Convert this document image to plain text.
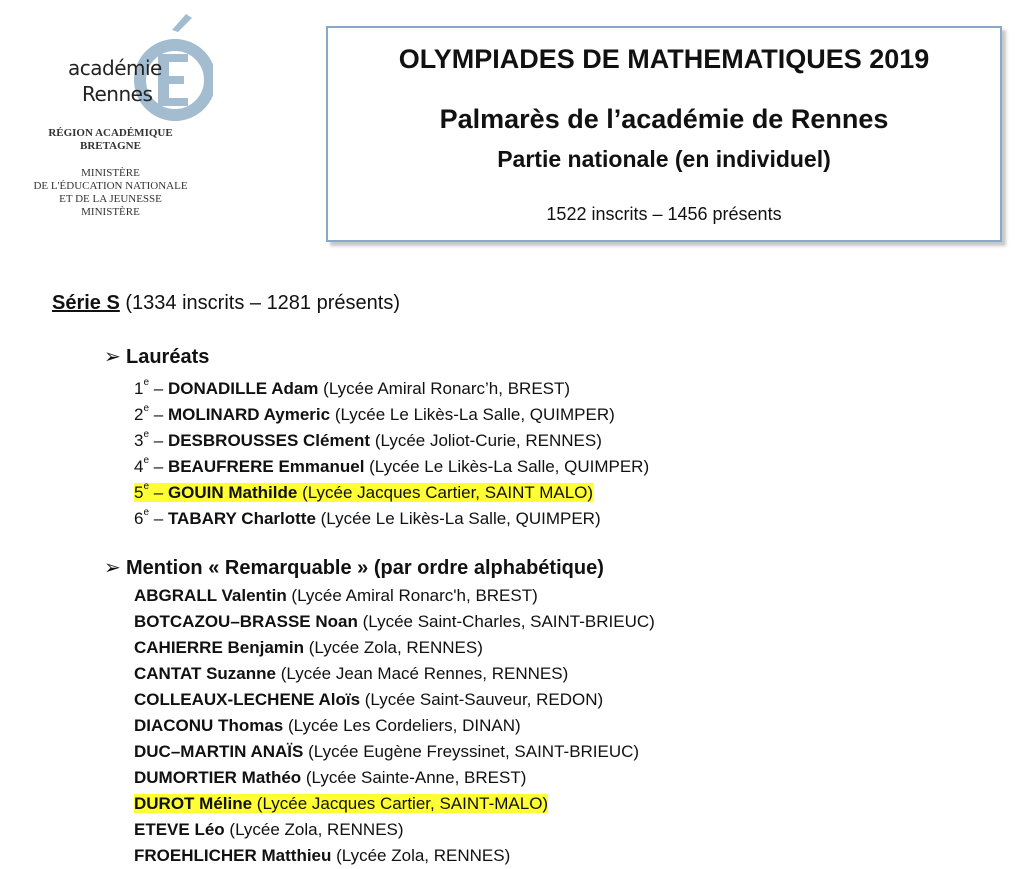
académie
Rennes
RÉGION ACADÉMIQUE
BRETAGNE
MINISTÈRE
DE L'ÉDUCATION NATIONALE
ET DE LA JEUNESSE
MINISTÈRE
OLYMPIADES DE MATHEMATIQUES 2019
Palmarès de l’académie de Rennes
Partie nationale (en individuel)
1522 inscrits – 1456 présents
Série S (1334 inscrits – 1281 présents)
➢ Lauréats
1e – DONADILLE Adam (Lycée Amiral Ronarc’h, BREST)
2e – MOLINARD Aymeric (Lycée Le Likès-La Salle, QUIMPER)
3e – DESBROUSSES Clément (Lycée Joliot-Curie, RENNES)
4e – BEAUFRERE Emmanuel (Lycée Le Likès-La Salle, QUIMPER)
5e – GOUIN Mathilde (Lycée Jacques Cartier, SAINT MALO)
6e – TABARY Charlotte (Lycée Le Likès-La Salle, QUIMPER)
➢ Mention « Remarquable » (par ordre alphabétique)
ABGRALL Valentin (Lycée Amiral Ronarc'h, BREST)
BOTCAZOU–BRASSE Noan (Lycée Saint-Charles, SAINT-BRIEUC)
CAHIERRE Benjamin (Lycée Zola, RENNES)
CANTAT Suzanne (Lycée Jean Macé Rennes, RENNES)
COLLEAUX-LECHENE Aloïs (Lycée Saint-Sauveur, REDON)
DIACONU Thomas (Lycée Les Cordeliers, DINAN)
DUC–MARTIN ANAÏS (Lycée Eugène Freyssinet, SAINT-BRIEUC)
DUMORTIER Mathéo (Lycée Sainte-Anne, BREST)
DUROT Méline (Lycée Jacques Cartier, SAINT-MALO)
ETEVE Léo (Lycée Zola, RENNES)
FROEHLICHER Matthieu (Lycée Zola, RENNES)
